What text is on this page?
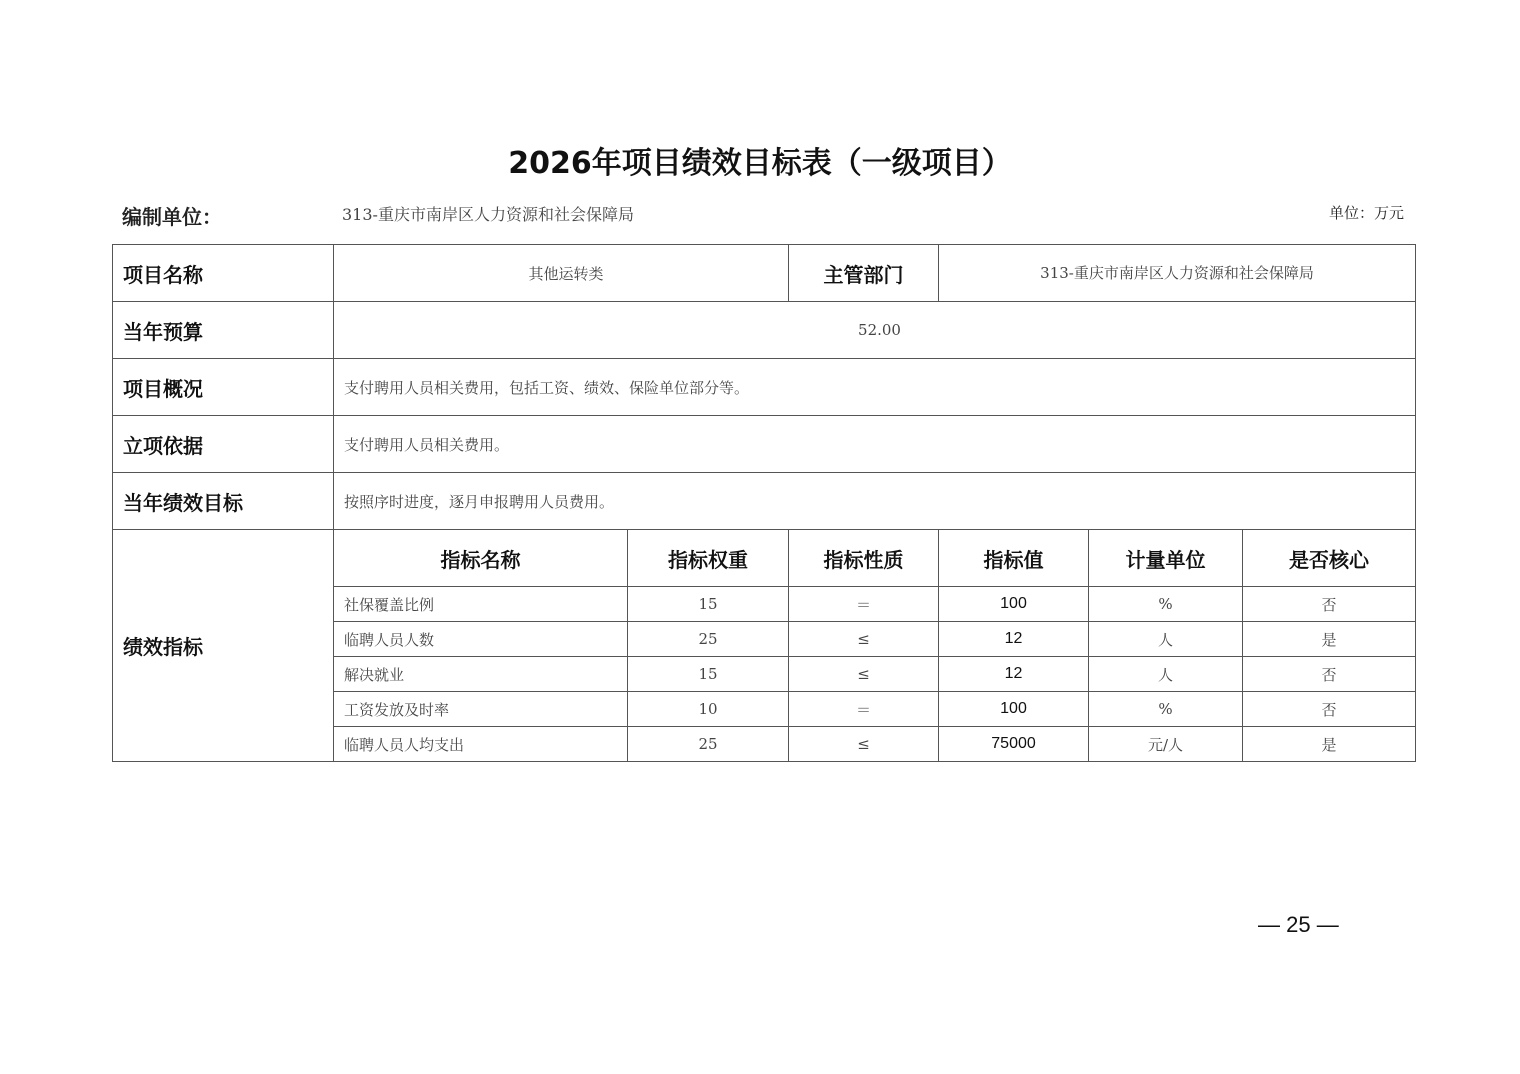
2026年项目绩效目标表（一级项目）
编制单位：	313-重庆市南岸区人力资源和社会保障局	单位：万元
项目名称	其他运转类		主管部门	313-重庆市南岸区人力资源和社会保障局		
当年预算	52.00					
项目概况	支付聘用人员相关费用，包括工资、绩效、保险单位部分等。					
立项依据	支付聘用人员相关费用。					
当年绩效目标	按照序时进度，逐月申报聘用人员费用。					
绩效指标	指标名称	指标权重	指标性质	指标值	计量单位	是否核心
	社保覆盖比例	15	＝	100	%	否
	临聘人员人数	25	≤	12	人	是
	解决就业	15	≤	12	人	否
	工资发放及时率	10	＝	100	%	否
	临聘人员人均支出	25	≤	75000	元/人	是
— 25 —
